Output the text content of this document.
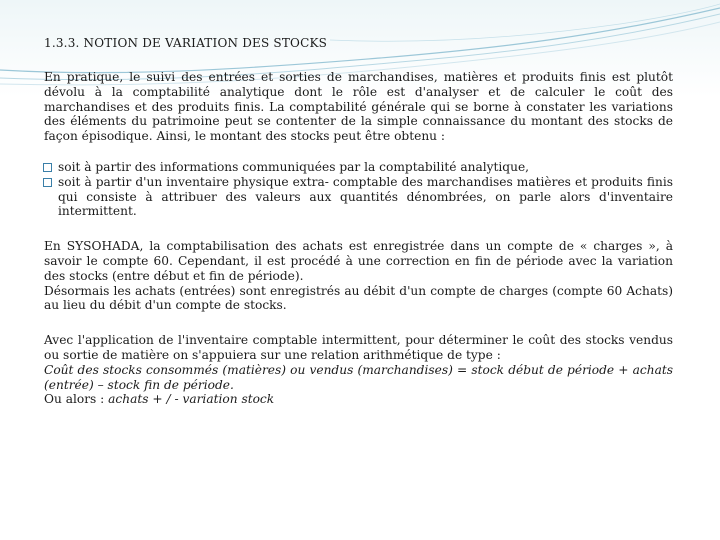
1.3.3. NOTION DE VARIATION DES STOCKS

En pratique, le suivi des entrées et sorties de marchandises, matières et produits finis est plutôt dévolu à la comptabilité analytique dont le rôle est d'analyser et de calculer le coût des marchandises et des produits finis. La comptabilité générale qui se borne à constater les variations des éléments du patrimoine peut se contenter de la simple connaissance du montant des stocks de façon épisodique. Ainsi, le montant des stocks peut être obtenu :

soit à partir des informations communiquées par la comptabilité analytique,
soit à partir d'un inventaire physique extra- comptable des marchandises matières et produits finis qui consiste à attribuer des valeurs aux quantités dénombrées, on parle alors d'inventaire intermittent.

En SYSOHADA, la comptabilisation des achats est enregistrée dans un compte de « charges », à savoir le compte 60. Cependant, il est procédé à une correction en fin de période avec la variation des stocks (entre début et fin de période).

Désormais les achats (entrées) sont enregistrés au débit d'un compte de charges (compte 60 Achats) au lieu du débit d'un compte de stocks.

Avec l'application de l'inventaire comptable intermittent, pour déterminer le coût des stocks vendus ou sortie de matière on s'appuiera sur une relation arithmétique de type :

Coût des stocks consommés (matières) ou vendus (marchandises) = stock début de période + achats (entrée) – stock fin de période.

Ou alors : achats + / - variation stock
